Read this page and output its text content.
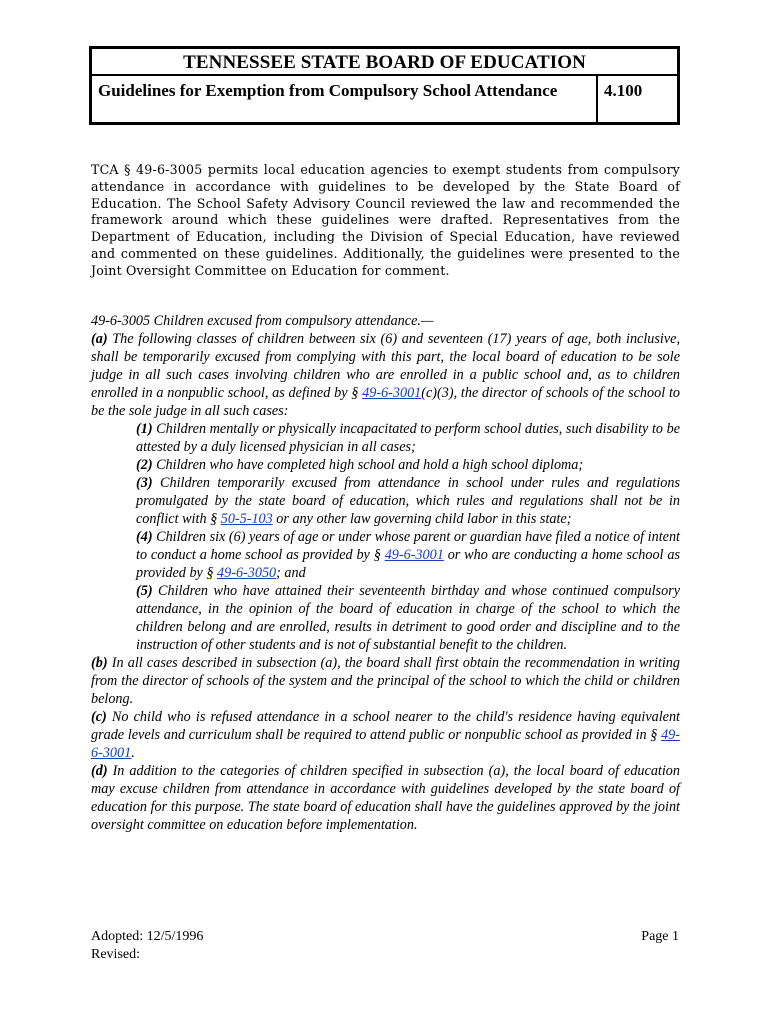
TENNESSEE STATE BOARD OF EDUCATION
Guidelines for Exemption from Compulsory School Attendance	4.100

TCA § 49-6-3005 permits local education agencies to exempt students from compulsory attendance in accordance with guidelines to be developed by the State Board of Education. The School Safety Advisory Council reviewed the law and recommended the framework around which these guidelines were drafted. Representatives from the Department of Education, including the Division of Special Education, have reviewed and commented on these guidelines. Additionally, the guidelines were presented to the Joint Oversight Committee on Education for comment.

49-6-3005 Children excused from compulsory attendance.—

(a) The following classes of children between six (6) and seventeen (17) years of age, both inclusive, shall be temporarily excused from complying with this part, the local board of education to be sole judge in all such cases involving children who are enrolled in a public school and, as to children enrolled in a nonpublic school, as defined by § 49-6-3001(c)(3), the director of schools of the school to be the sole judge in all such cases:

(1) Children mentally or physically incapacitated to perform school duties, such disability to be attested by a duly licensed physician in all cases;

(2) Children who have completed high school and hold a high school diploma;

(3) Children temporarily excused from attendance in school under rules and regulations promulgated by the state board of education, which rules and regulations shall not be in conflict with § 50-5-103 or any other law governing child labor in this state;

(4) Children six (6) years of age or under whose parent or guardian have filed a notice of intent to conduct a home school as provided by § 49-6-3001 or who are conducting a home school as provided by § 49-6-3050; and

(5) Children who have attained their seventeenth birthday and whose continued compulsory attendance, in the opinion of the board of education in charge of the school to which the children belong and are enrolled, results in detriment to good order and discipline and to the instruction of other students and is not of substantial benefit to the children.

(b) In all cases described in subsection (a), the board shall first obtain the recommendation in writing from the director of schools of the system and the principal of the school to which the child or children belong.

(c) No child who is refused attendance in a school nearer to the child's residence having equivalent grade levels and curriculum shall be required to attend public or nonpublic school as provided in § 49-6-3001.

(d) In addition to the categories of children specified in subsection (a), the local board of education may excuse children from attendance in accordance with guidelines developed by the state board of education for this purpose. The state board of education shall have the guidelines approved by the joint oversight committee on education before implementation.

Adopted: 12/5/1996
Revised:
Page 1
